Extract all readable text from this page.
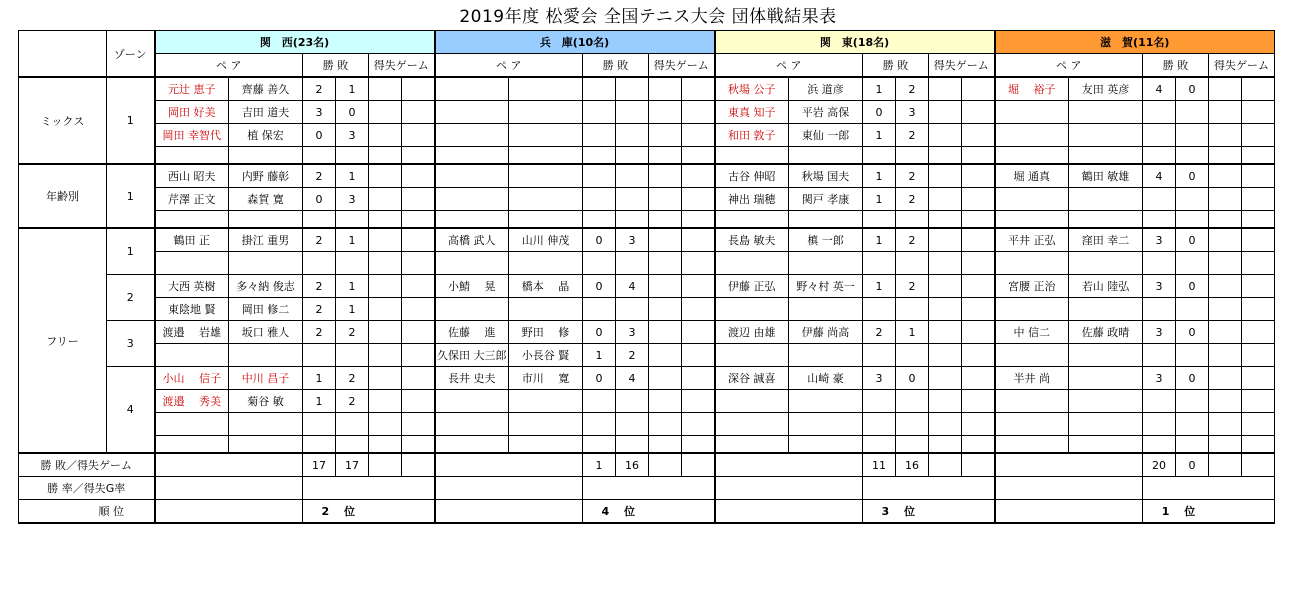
2019年度 松愛会 全国テニス大会 団体戦結果表
	ゾーン	関　西(23名)						兵　庫(10名)						関　東(18名)						滋　賀(11名)					
		ペ ア		勝 敗		得失ゲーム		ペ ア		勝 敗		得失ゲーム		ペ ア		勝 敗		得失ゲーム		ペ ア		勝 敗		得失ゲーム	
ミックス	1	元辻 恵子	齊藤 善久	2	1									秋場 公子	浜 道彦	1	2			堀　 裕子	友田 英彦	4	0		
		岡田 好美	吉田 道夫	3	0									東真 知子	平岩 高保	0	3								
		岡田 幸智代	植 保宏	0	3									和田 敦子	東仙 一郎	1	2								

年齢別	1	西山 昭夫	内野 藤彰	2	1									古谷 伸昭	秋場 国夫	1	2			堀 通真	鶴田 敏雄	4	0		
		芹澤 正文	森賀 寛	0	3									神出 瑞穂	関戸 孝康	1	2								

フリー	1	鶴田 正	掛江 重男	2	1			高橋 武人	山川 伸茂	0	3			長島 敏夫	槙 一郎	1	2			平井 正弘	窪田 幸二	3	0		

	2	大西 英樹	多々納 俊志	2	1			小鯖　 晃	橋本　 晶	0	4			伊藤 正弘	野々村 英一	1	2			宮腰 正治	若山 陸弘	3	0		
		東陰地 賢	岡田 修二	2	1																				
	3	渡邉　 岩雄	坂口 雅人	2	2			佐藤　 進	野田　 修	0	3			渡辺 由雄	伊藤 尚高	2	1			中 信二	佐藤 政晴	3	0		
								久保田 大三郎	小長谷 賢	1	2														
	4	小山　 信子	中川 昌子	1	2			長井 史夫	市川　 寛	0	4			深谷 誠喜	山崎 豪	3	0			半井 尚		3	0		
		渡邉　 秀美	菊谷 敏	1	2																				

勝 敗／得失ゲーム				17	17					1	16					11	16					20	0		
勝 率／得失G率																									
順 位				2　 位						4　 位						3　 位						1　 位			
